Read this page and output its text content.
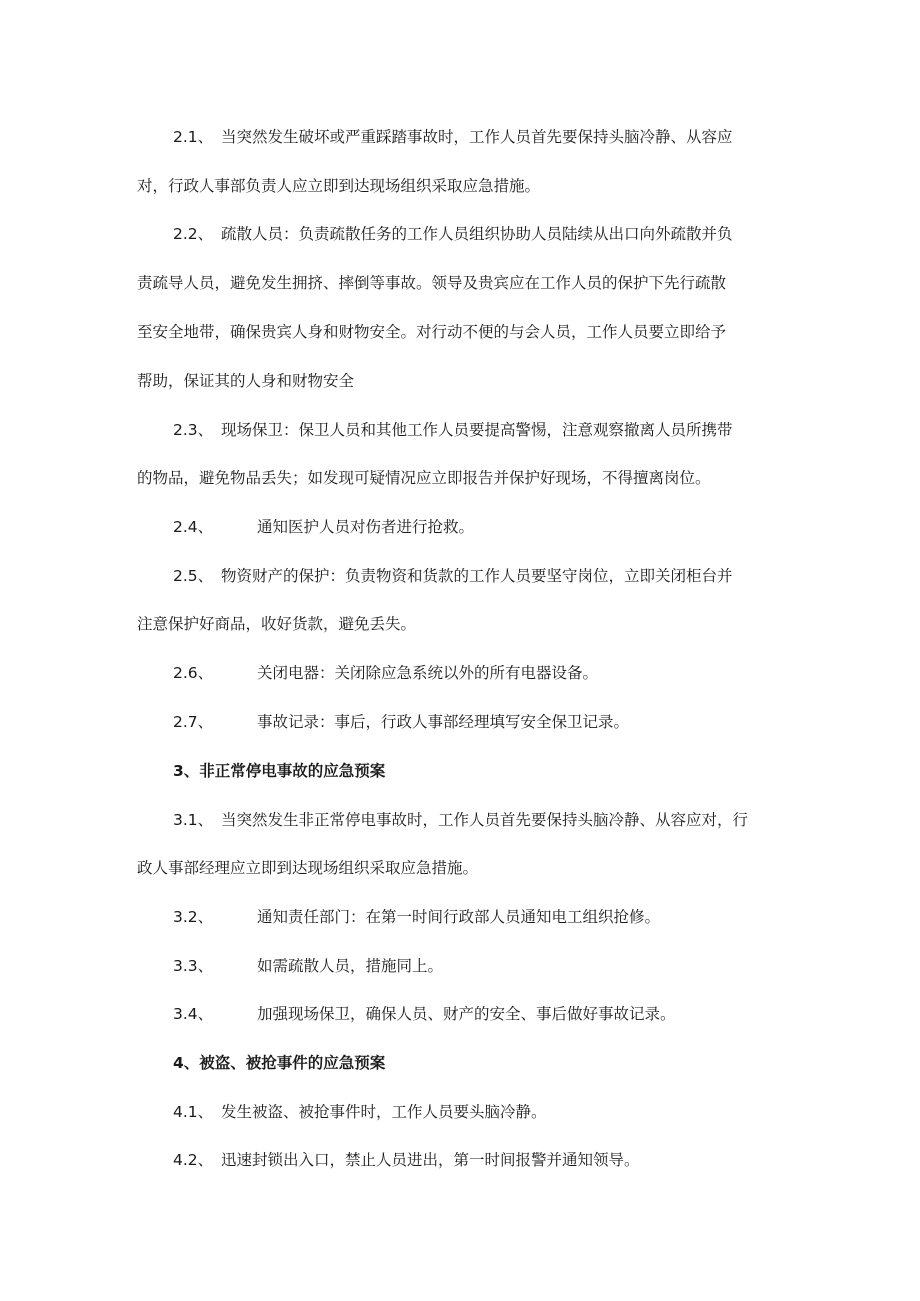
2.1、 当突然发生破坏或严重踩踏事故时，工作人员首先要保持头脑冷静、从容应
对，行政人事部负责人应立即到达现场组织采取应急措施。
2.2、 疏散人员：负责疏散任务的工作人员组织协助人员陆续从出口向外疏散并负
责疏导人员，避免发生拥挤、摔倒等事故。领导及贵宾应在工作人员的保护下先行疏散
至安全地带，确保贵宾人身和财物安全。对行动不便的与会人员，工作人员要立即给予
帮助，保证其的人身和财物安全
2.3、 现场保卫：保卫人员和其他工作人员要提高警惕，注意观察撤离人员所携带
的物品，避免物品丢失；如发现可疑情况应立即报告并保护好现场，不得擅离岗位。
2.4、	通知医护人员对伤者进行抢救。
2.5、 物资财产的保护：负责物资和货款的工作人员要坚守岗位，立即关闭柜台并
注意保护好商品，收好货款，避免丢失。
2.6、	关闭电器：关闭除应急系统以外的所有电器设备。
2.7、	事故记录：事后，行政人事部经理填写安全保卫记录。
3、非正常停电事故的应急预案
3.1、 当突然发生非正常停电事故时，工作人员首先要保持头脑冷静、从容应对，行
政人事部经理应立即到达现场组织采取应急措施。
3.2、	通知责任部门：在第一时间行政部人员通知电工组织抢修。
3.3、	如需疏散人员，措施同上。
3.4、	加强现场保卫，确保人员、财产的安全、事后做好事故记录。
4、被盗、被抢事件的应急预案
4.1、 发生被盗、被抢事件时，工作人员要头脑冷静。
4.2、 迅速封锁出入口，禁止人员进出，第一时间报警并通知领导。
